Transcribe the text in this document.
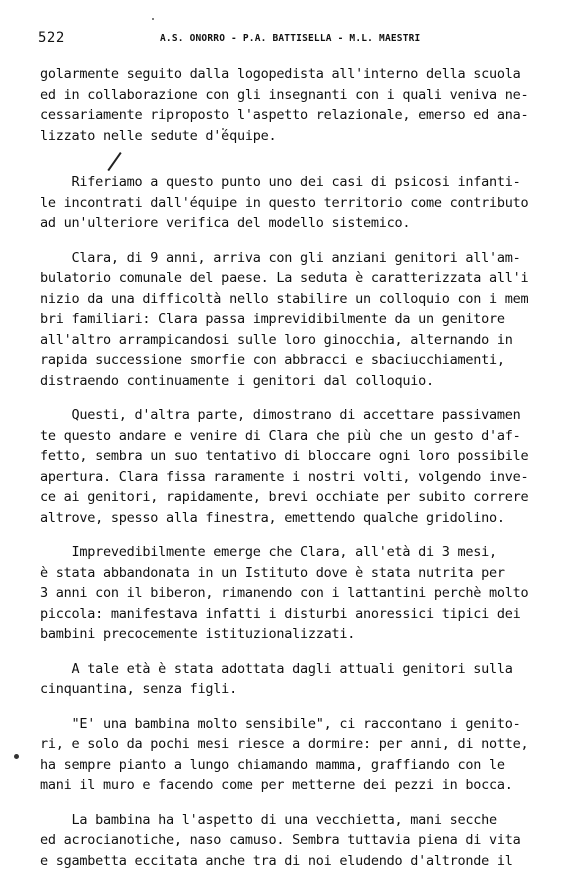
522	A.S. ONORRO - P.A. BATTISELLA - M.L. MAESTRI
golarmente seguito dalla logopedista all'interno della scuola
ed in collaborazione con gli insegnanti con i quali veniva ne-
cessariamente riproposto l'aspetto relazionale, emerso ed ana-
lizzato nelle sedute d'équipe.
Riferiamo a questo punto uno dei casi di psicosi infanti-
le incontrati dall'équipe in questo territorio come contributo
ad un'ulteriore verifica del modello sistemico.
Clara, di 9 anni, arriva con gli anziani genitori all'am-
bulatorio comunale del paese. La seduta è caratterizzata all'i
nizio da una difficoltà nello stabilire un colloquio con i mem
bri familiari: Clara passa imprevidibilmente da un genitore
all'altro arrampicandosi sulle loro ginocchia, alternando in
rapida successione smorfie con abbracci e sbaciucchiamenti,
distraendo continuamente i genitori dal colloquio.
Questi, d'altra parte, dimostrano di accettare passivamen
te questo andare e venire di Clara che più che un gesto d'af-
fetto, sembra un suo tentativo di bloccare ogni loro possibile
apertura. Clara fissa raramente i nostri volti, volgendo inve-
ce ai genitori, rapidamente, brevi occhiate per subito correre
altrove, spesso alla finestra, emettendo qualche gridolino.
Imprevedibilmente emerge che Clara, all'età di 3 mesi,
è stata abbandonata in un Istituto dove è stata nutrita per
3 anni con il biberon, rimanendo con i lattantini perchè molto
piccola: manifestava infatti i disturbi anoressici tipici dei
bambini precocemente istituzionalizzati.
A tale età è stata adottata dagli attuali genitori sulla
cinquantina, senza figli.
"E' una bambina molto sensibile", ci raccontano i genito-
ri, e solo da pochi mesi riesce a dormire: per anni, di notte,
ha sempre pianto a lungo chiamando mamma, graffiando con le
mani il muro e facendo come per metterne dei pezzi in bocca.
La bambina ha l'aspetto di una vecchietta, mani secche
ed acrocianotiche, naso camuso. Sembra tuttavia piena di vita
e sgambetta eccitata anche tra di noi eludendo d'altronde il
